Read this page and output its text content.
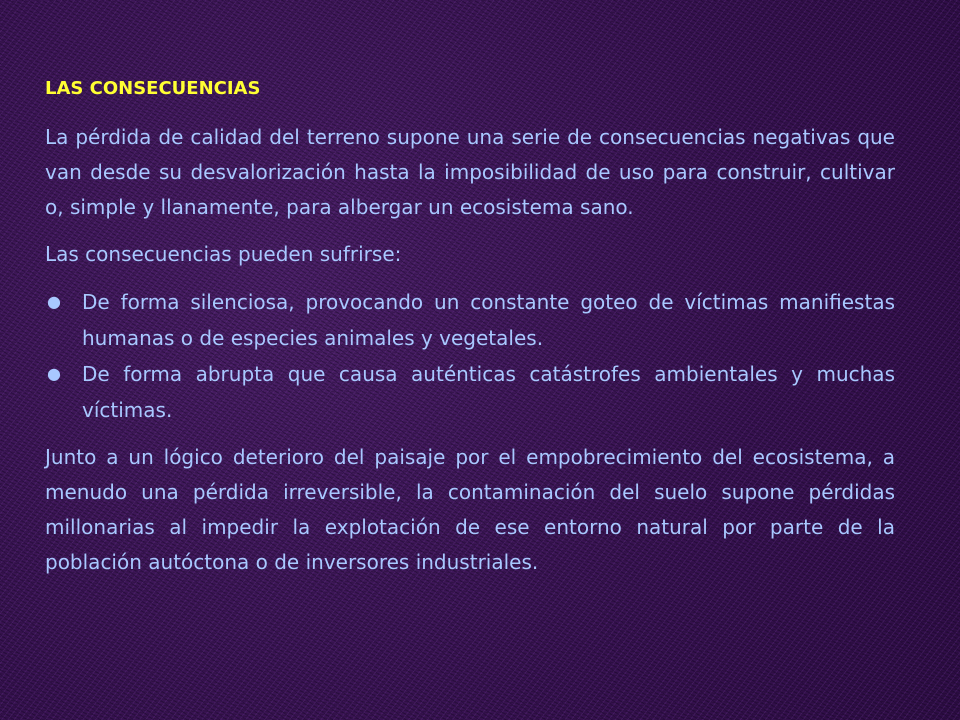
LAS CONSECUENCIAS

La pérdida de calidad del terreno supone una serie de consecuencias negativas que van desde su desvalorización hasta la imposibilidad de uso para construir, cultivar o, simple y llanamente, para albergar un ecosistema sano.

Las consecuencias pueden sufrirse:

● De forma silenciosa, provocando un constante goteo de víctimas manifiestas humanas o de especies animales y vegetales.
● De forma abrupta que causa auténticas catástrofes ambientales y muchas víctimas.

Junto a un lógico deterioro del paisaje por el empobrecimiento del ecosistema, a menudo una pérdida irreversible, la contaminación del suelo supone pérdidas millonarias al impedir la explotación de ese entorno natural por parte de la población autóctona o de inversores industriales.
